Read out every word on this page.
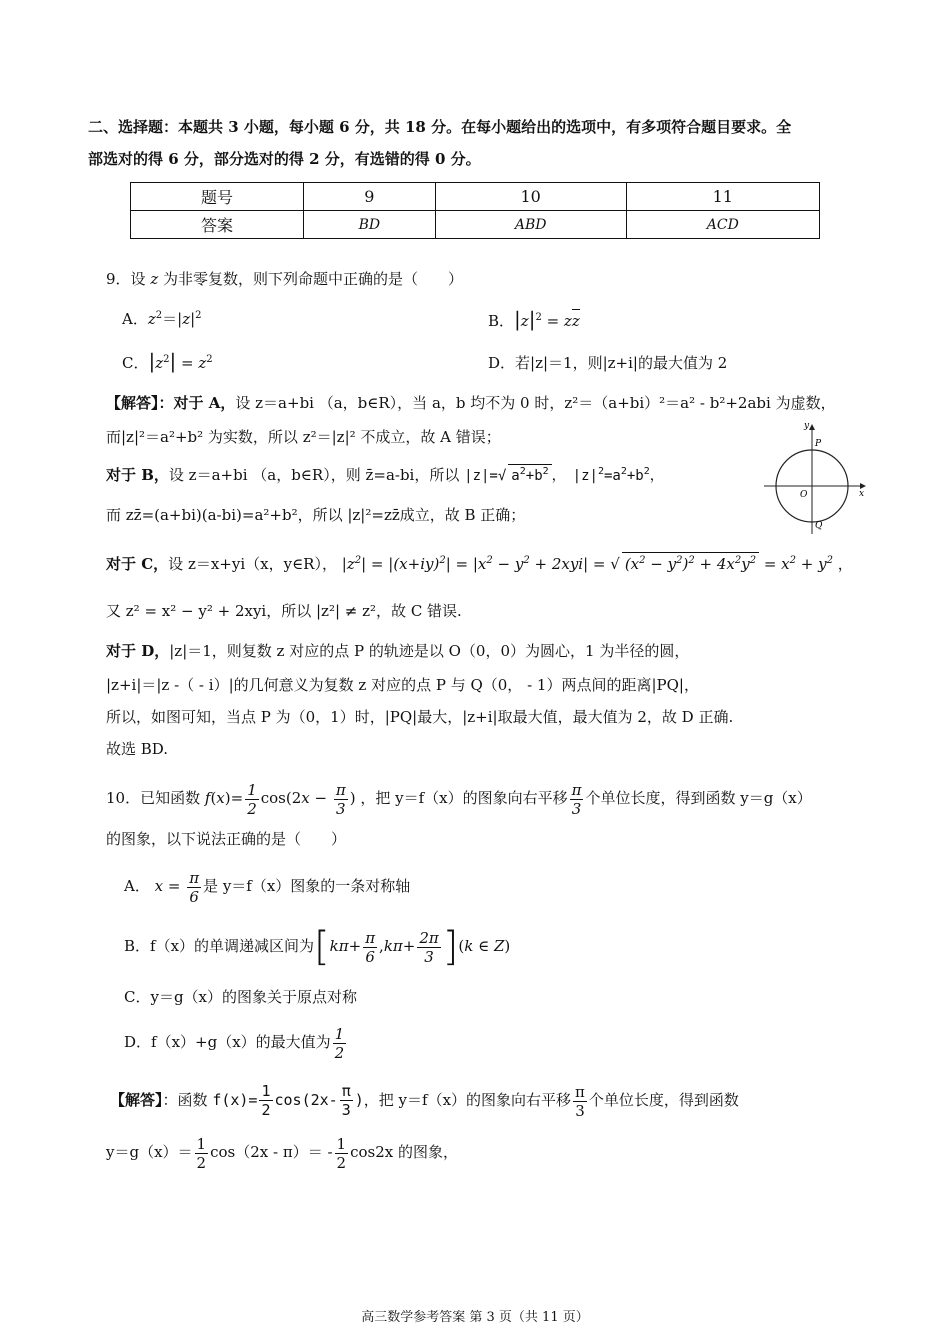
二、选择题：本题共 3 小题，每小题 6 分，共 18 分。在每小题给出的选项中，有多项符合题目要求。全
部选对的得 6 分，部分选对的得 2 分，有选错的得 0 分。
题号	9	10	11
答案	BD	ABD	ACD
9．设 z 为非零复数，则下列命题中正确的是（　　）
A．$z^2=|z|^2$	B．$|z|^2$ = zz
C．$|z^2| = z^2$	D．若|z|＝1，则|z+i|的最大值为 2
【解答】：对于 A，设 z＝a+bi （a，b∈R），当 a，b 均不为 0 时，z²＝（a+bi）²＝a² - b²+2abi 为虚数，
而|z|²＝a²+b² 为实数，所以 z²＝|z|² 不成立，故 A 错误；
对于 B，设 z＝a+bi （a，b∈R），则 z̄=a-bi，所以 |z|=√ $a^2+b^2$ ，　$|z|^2=a^2+b^2$，
而 zz̄=(a+bi)(a-bi)=a²+b²，所以 |z|²=zz̄成立，故 B 正确；
对于 C，设 z＝x+yi（x，y∈R）， $|z^2| = |(x+iy)^2| = |x^2 - y^2 + 2xyi|$ = √ $(x^2 - y^2)^2 + 4x^2y^2 = x^2 + y^2$ ，
又 z² = x² − y² + 2xyi，所以 |z²| ≠ z²，故 C 错误.
对于 D，|z|＝1，则复数 z 对应的点 P 的轨迹是以 O（0，0）为圆心，1 为半径的圆，
|z+i|＝|z -（ - i）|的几何意义为复数 z 对应的点 P 与 Q（0， - 1）两点间的距离|PQ|，
所以，如图可知，当点 P 为（0，1）时，|PQ|最大，|z+i|取最大值，最大值为 2，故 D 正确.
故选 BD.
y
x
O
P
Q
10．已知函数 $f(x)= \frac{1}{2} \cos(2x - \frac{\pi}{3}$ ) ，把 y＝f（x）的图象向右平移 $\frac{\pi}{3}$ 个单位长度，得到函数 y＝g（x）
的图象，以下说法正确的是（　　）
A． $x = \frac{\pi}{6}$ 是 y＝f（x）图象的一条对称轴
B．f（x）的单调递减区间为$[k\pi+ \frac{\pi}{6} ,k\pi+ \frac{2\pi}{3} ](k$ ∈ Z)
C．y＝g（x）的图象关于原点对称
D．f（x）+g（x）的最大值为 $\frac{1}{2}$
【解答】：函数 $f(x)= \frac{1}{2} \cos(2x- \frac{\pi}{3}$ )，把 y＝f（x）的图象向右平移 $\frac{\pi}{3}$ 个单位长度，得到函数
$y=g(x)= \frac{1}{2} \cos(2x - \pi)= - \frac{1}{2} \cos 2x$ 的图象，
高三数学参考答案 第 3 页（共 11 页）
